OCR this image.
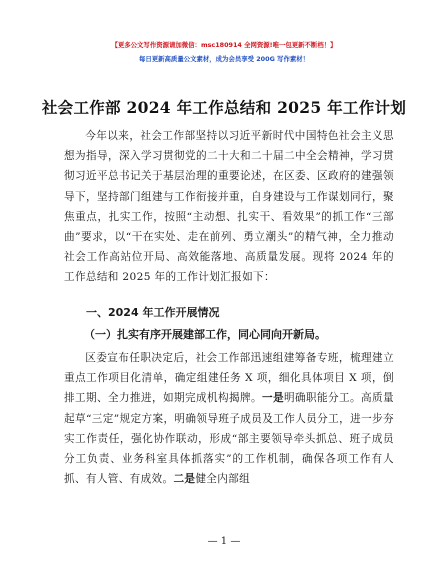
【更多公文写作资源请加微信：msc180914 全网资源!唯一包更新不断档！】
每日更新高质量公文素材，成为会员享受 200G 写作素材！
社会工作部 2024 年工作总结和 2025 年工作计划
今年以来，社会工作部坚持以习近平新时代中国特色社会主义思想为指导，深入学习贯彻党的二十大和二十届二中全会精神，学习贯彻习近平总书记关于基层治理的重要论述，在区委、区政府的建强领导下，坚持部门组建与工作衔接并重，自身建设与工作谋划同行，聚焦重点，扎实工作，按照“主动想、扎实干、看效果”的抓工作“三部曲”要求，以“干在实处、走在前列、勇立潮头”的精气神，全力推动社会工作高站位开局、高效能落地、高质量发展。现将 2024 年的工作总结和 2025 年的工作计划汇报如下：
一、2024 年工作开展情况
（一）扎实有序开展建部工作，同心同向开新局。
区委宣布任职决定后，社会工作部迅速组建筹备专班，梳理建立重点工作项目化清单，确定组建任务 X 项，细化具体项目 X 项，倒排工期、全力推进，如期完成机构揭牌。一是明确职能分工。高质量起草“三定”规定方案，明确领导班子成员及工作人员分工，进一步夯实工作责任，强化协作联动，形成“部主要领导牵头抓总、班子成员分工负责、业务科室具体抓落实”的工作机制，确保各项工作有人抓、有人管、有成效。二是健全内部组
— 1 —
